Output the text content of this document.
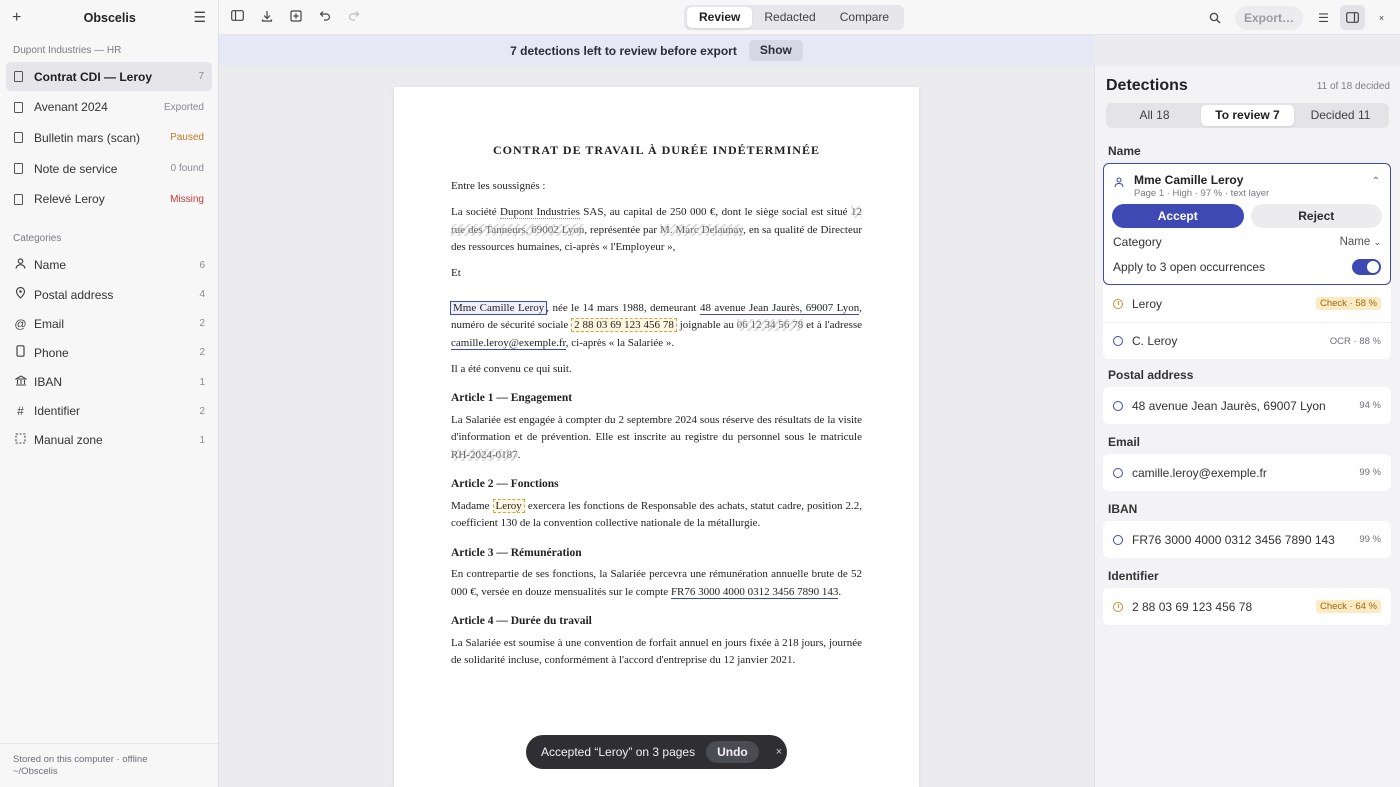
+	Obscelis	☰
Dupont Industries — HR
Contrat CDI — Leroy	7
Avenant 2024	Exported
Bulletin mars (scan)	Paused
Note de service	0 found
Relevé Leroy	Missing
Categories
Name	6
Postal address	4
@ Email	2
Phone	2
IBAN	1
# Identifier	2
Manual zone	1
Stored on this computer · offline
~/Obscelis
Review	Redacted	Compare	Export…	☰	×
7 detections left to review before export	Show
CONTRAT DE TRAVAIL À DURÉE INDÉTERMINÉE

Entre les soussignés :

La société Dupont Industries SAS, au capital de 250 000 €, dont le siège social est situé 12 rue des Tanneurs, 69002 Lyon, représentée par M. Marc Delaunay, en sa qualité de Directeur des ressources humaines, ci-après « l'Employeur »,

Et

Mme Camille Leroy , née le 14 mars 1988, demeurant 48 avenue Jean Jaurès, 69007 Lyon, numéro de sécurité sociale 2 88 03 69 123 456 78 joignable au 06 12 34 56 78 et à l'adresse camille.leroy@exemple.fr, ci-après « la Salariée ».

Il a été convenu ce qui suit.

Article 1 — Engagement

La Salariée est engagée à compter du 2 septembre 2024 sous réserve des résultats de la visite d'information et de prévention. Elle est inscrite au registre du personnel sous le matricule RH-2024-0187.

Article 2 — Fonctions

Madame Leroy exercera les fonctions de Responsable des achats, statut cadre, position 2.2, coefficient 130 de la convention collective nationale de la métallurgie.

Article 3 — Rémunération

En contrepartie de ses fonctions, la Salariée percevra une rémunération annuelle brute de 52 000 €, versée en douze mensualités sur le compte FR76 3000 4000 0312 3456 7890 143.

Article 4 — Durée du travail

La Salariée est soumise à une convention de forfait annuel en jours fixée à 218 jours, journée de solidarité incluse, conformément à l'accord d'entreprise du 12 janvier 2021.

Accepted “Leroy” on 3 pages	Undo	×
Detections	11 of 18 decided
All 18	To review 7	Decided 11
Name
Mme Camille Leroy
Page 1 · High · 97 % · text layer
⌃
Accept	Reject
Category	Name ⌄
Apply to 3 open occurrences
Leroy	Check · 58 %
C. Leroy	OCR · 88 %
Postal address
48 avenue Jean Jaurès, 69007 Lyon	94 %
Email
camille.leroy@exemple.fr	99 %
IBAN
FR76 3000 4000 0312 3456 7890 143	99 %
Identifier
2 88 03 69 123 456 78	Check · 64 %
